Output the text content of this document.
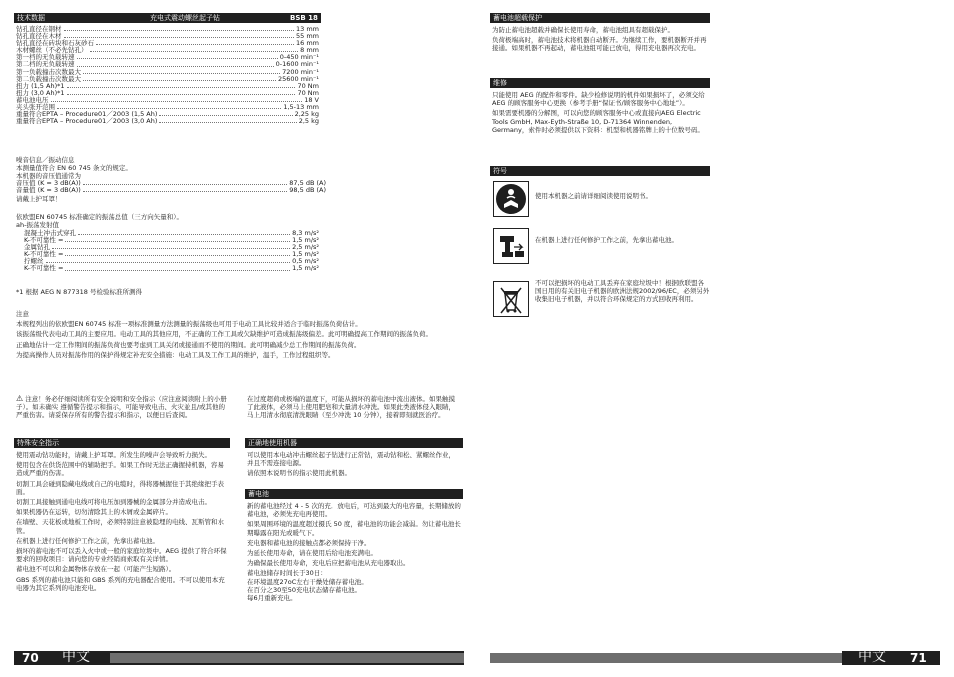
技术数据	充电式震动螺丝起子钻	BSB 18
钻孔直径在钢材	13 mm
钻孔直径在木材	55 mm
钻孔直径在砖块和石灰砂石	16 mm
木材螺丝（不必先钻孔）	8 mm
第一档的无负载转速	0-450 min⁻¹
第二档的无负载转速	0-1600 min⁻¹
第一负载撞击次数最大	7200 min⁻¹
第二负载撞击次数最大	25600 min⁻¹
扭力 (1,5 Ah)*1	70 Nm
扭力 (3,0 Ah)*1	70 Nm
蓄电池电压	18 V
夹头张开范围	1,5-13 mm
重量符合EPTA – Procedure01／2003 (1,5 Ah)	2,25 kg
重量符合EPTA – Procedure01／2003 (3,0 Ah)	2,5 kg
噪音信息／振动信息
本测量值符合 EN 60 745 条文的规定。
本机器的音压值通常为
音压值 (K = 3 dB(A))	87,5 dB (A)
音量值 (K = 3 dB(A))	98,5 dB (A)
请戴上护耳罩！
依欧盟EN 60745 标准确定的振荡总值（三方向矢量和）。
ah-振荡发射值
混凝土冲击式穿孔	8,3 m/s²
K-不可靠性 =	1,5 m/s²
金属钻孔	2,5 m/s²
K-不可靠性 =	1,5 m/s²
拧螺丝	0,5 m/s²
K-不可靠性 =	1,5 m/s²
*1 根据 AEG N 877318 号检验标准所测得

注意

本规程列出的依欧盟EN 60745 标准一项标准测量方法测量的振荡级也可用于电动工具比较并适合于临时振荡负荷估计。

该振荡级代表电动工具的主要应用。电动工具的其他应用，不正确的工作工具或欠缺维护可造成振荡级偏差。此可明确提高工作期间的振荡负荷。

正确地估计一定工作期间的振荡负荷也要考虑到工具关闭或接通而不使用的期间。此可明确减少总工作期间的振荡负荷。

为提高操作人员对振荡作用的保护得规定补充安全措施：电动工具及工作工具的维护，温手，工作过程组织等。

⚠ 注意！务必仔细阅读所有安全说明和安全指示（应注意阅读附上的小册子）。如未确实 遵循警告提示和指示，可能导致电击、火灾並且/或其他的严重伤害。请妥保存所有的警告提示和指示，以便日后查阅。
在过度超荷或极端的温度下，可能从损坏的蓄电池中流出液体。如果触摸了此液体，必须马上使用肥皂和大量清水冲洗。如果此类液体侵入眼睛，马上用清水彻底清洗眼睛（至少冲洗 10 分钟），接着即刻就医治疗。
特殊安全指示

使用震动钻功能时，请戴上护耳罩。所发生的噪声会导致听力损失。

使用包含在供货范围中的辅助把手。如果工作时无法正确握持机器，容易造成严重的伤害。

切割工具会碰到隐藏电线或自己的电缆时，得将器械握住于其绝缘把手表面。

切割工具接触到通电电线可将电压加到器械的金属部分并造成电击。

如果机器仍在运转，切勿清除其上的木屑或金属碎片。

在墙壁、天花板或地板工作时，必须特别注意被隐埋的电线、瓦斯管和水管。

在机器上进行任何修护工作之前，先拿出蓄电池。

损坏的蓄电池不可以丢入火中或一般的家庭垃圾中。AEG 提供了符合环保要求的回收项目：请向您的专业经销商索取有关详情。

蓄电池不可以和金属物体存放在一起（可能产生短路）。

GBS 系列的蓄电池只能和 GBS 系列的充电器配合使用。不可以使用本充电器为其它系列的电池充电。

正确地使用机器

可以使用本电动冲击螺丝起子钻进行正常钻，震动钻和松、紧螺丝作业，并且不需连接电源。

请依照本说明书的指示使用此机器。

蓄电池

新的蓄电池经过 4 - 5 次的充．放电后，可达到最大的电容量，长期储放的蓄电池，必须先充电再使用。

如果周围环境的温度超过摄氏 50 度，蓄电池的功能会减弱。勿让蓄电池长期曝露在阳光或暖气下。

充电器和蓄电池的接触点都必须保持干净。

为延长使用寿命，请在使用后给电池充满电。

为确保最长使用寿命，充电后应把蓄电池从充电器取出。

蓄电池储存时间长于30日：
在环境温度27oC左右干燥处储存蓄电池。
在百分之30至50充电状态储存蓄电池。
每6月重新充电。

70 中文
蓄电池超载保护

为防止蓄电池超载并确保长使用寿命，蓄电池组具有超载保护。

负荷极端高时，蓄电池技术将机器自动断开。为继续工作，要机器断开并再接通。如果机器不再起动，蓄电池组可能已放电，得用充电器再次充电。

维修

只能使用 AEG 的配件和零件。缺少检修说明的机件如果损坏了，必须交给 AEG 的顾客服务中心更换（参考手册“保证书/顾客服务中心地址”）。

如果需要机器的分解图，可以向您的顾客服务中心或直接向AEG Electric Tools GmbH, Max-Eyth-Straße 10, D-71364 Winnenden, Germany，索件时必须提供以下资料：机型和机器铭牌上的十位数号码。

符号
使用本机器之前请详细阅读使用说明书。
在机器上进行任何修护工作之前，先拿出蓄电池。
不可以把损坏的电动工具丢弃在家庭垃圾中！根据欧联盟各国日用的有关旧电子机器的欧洲法规2002/96/EC，必须另外收集旧电子机器，并以符合环保规定的方式回收再利用。
中文 71
